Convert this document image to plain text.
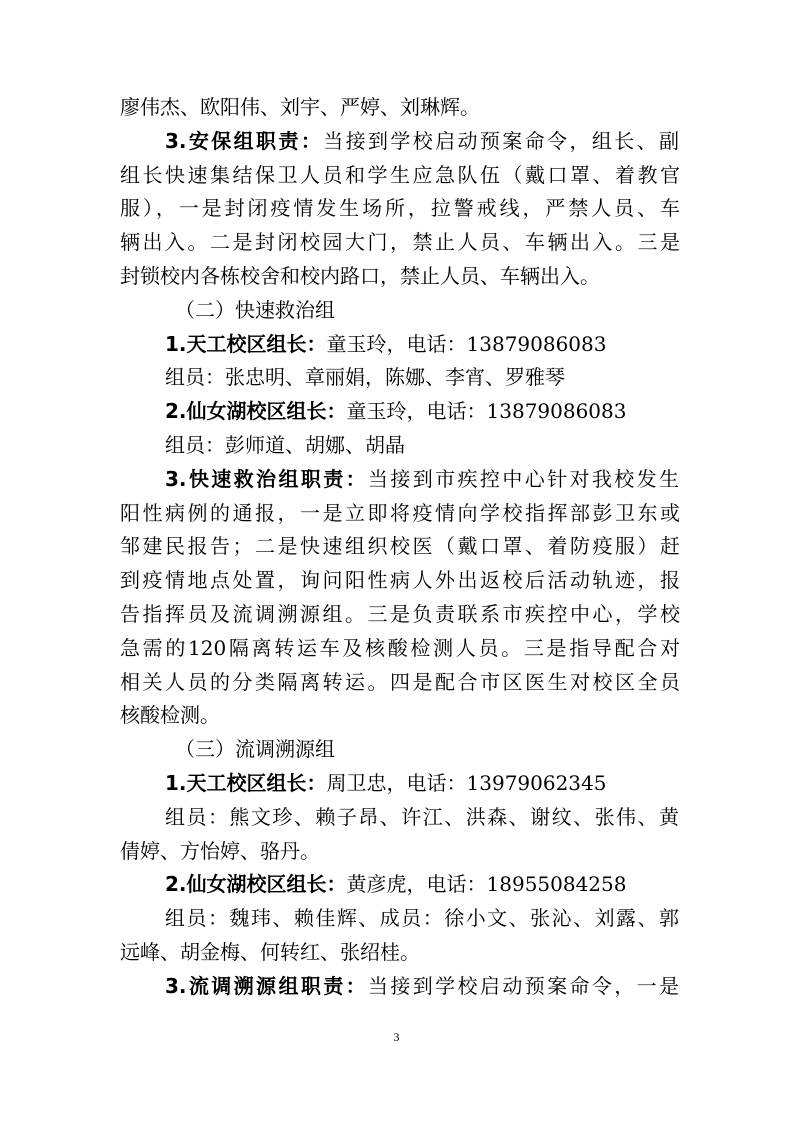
廖伟杰、欧阳伟、刘宇、严婷、刘琳辉。
3.安保组职责：当接到学校启动预案命令，组长、副
组长快速集结保卫人员和学生应急队伍（戴口罩、着教官
服），一是封闭疫情发生场所，拉警戒线，严禁人员、车
辆出入。二是封闭校园大门，禁止人员、车辆出入。三是
封锁校内各栋校舍和校内路口，禁止人员、车辆出入。
（二）快速救治组
1.天工校区组长：童玉玲，电话：13879086083
组员：张忠明、章丽娟，陈娜、李宵、罗雅琴
2.仙女湖校区组长：童玉玲，电话：13879086083
组员：彭师道、胡娜、胡晶
3.快速救治组职责：当接到市疾控中心针对我校发生
阳性病例的通报，一是立即将疫情向学校指挥部彭卫东或
邹建民报告；二是快速组织校医（戴口罩、着防疫服）赶
到疫情地点处置，询问阳性病人外出返校后活动轨迹，报
告指挥员及流调溯源组。三是负责联系市疾控中心，学校
急需的120隔离转运车及核酸检测人员。三是指导配合对
相关人员的分类隔离转运。四是配合市区医生对校区全员
核酸检测。
（三）流调溯源组
1.天工校区组长：周卫忠，电话：13979062345
组员：熊文珍、赖子昂、许江、洪森、谢纹、张伟、黄
倩婷、方怡婷、骆丹。
2.仙女湖校区组长：黄彦虎，电话：18955084258
组员：魏玮、赖佳辉、成员：徐小文、张沁、刘露、郭
远峰、胡金梅、何转红、张绍桂。
3.流调溯源组职责：当接到学校启动预案命令，一是
3
